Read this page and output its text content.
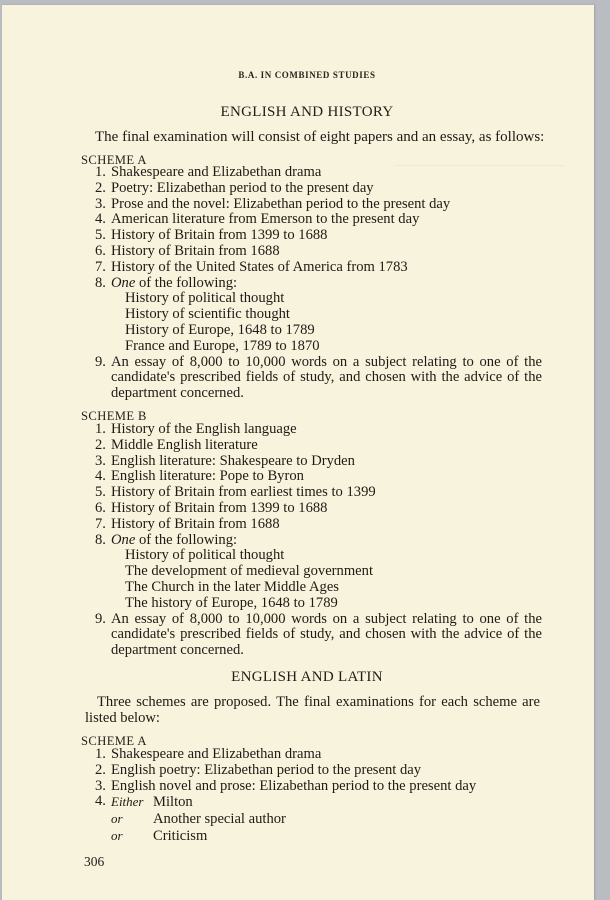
B.A. IN COMBINED STUDIES
ENGLISH AND HISTORY
The final examination will consist of eight papers and an essay, as follows:
SCHEME A
1. Shakespeare and Elizabethan drama
2. Poetry: Elizabethan period to the present day
3. Prose and the novel: Elizabethan period to the present day
4. American literature from Emerson to the present day
5. History of Britain from 1399 to 1688
6. History of Britain from 1688
7. History of the United States of America from 1783
8. One of the following:
History of political thought
History of scientific thought
History of Europe, 1648 to 1789
France and Europe, 1789 to 1870
9. An essay of 8,000 to 10,000 words on a subject relating to one of the candidate's prescribed fields of study, and chosen with the advice of the department concerned.
SCHEME B
1. History of the English language
2. Middle English literature
3. English literature: Shakespeare to Dryden
4. English literature: Pope to Byron
5. History of Britain from earliest times to 1399
6. History of Britain from 1399 to 1688
7. History of Britain from 1688
8. One of the following:
History of political thought
The development of medieval government
The Church in the later Middle Ages
The history of Europe, 1648 to 1789
9. An essay of 8,000 to 10,000 words on a subject relating to one of the candidate's prescribed fields of study, and chosen with the advice of the department concerned.
ENGLISH AND LATIN
Three schemes are proposed. The final examinations for each scheme are listed below:
SCHEME A
1. Shakespeare and Elizabethan drama
2. English poetry: Elizabethan period to the present day
3. English novel and prose: Elizabethan period to the present day
4. Either Milton
or Another special author
or Criticism
306
